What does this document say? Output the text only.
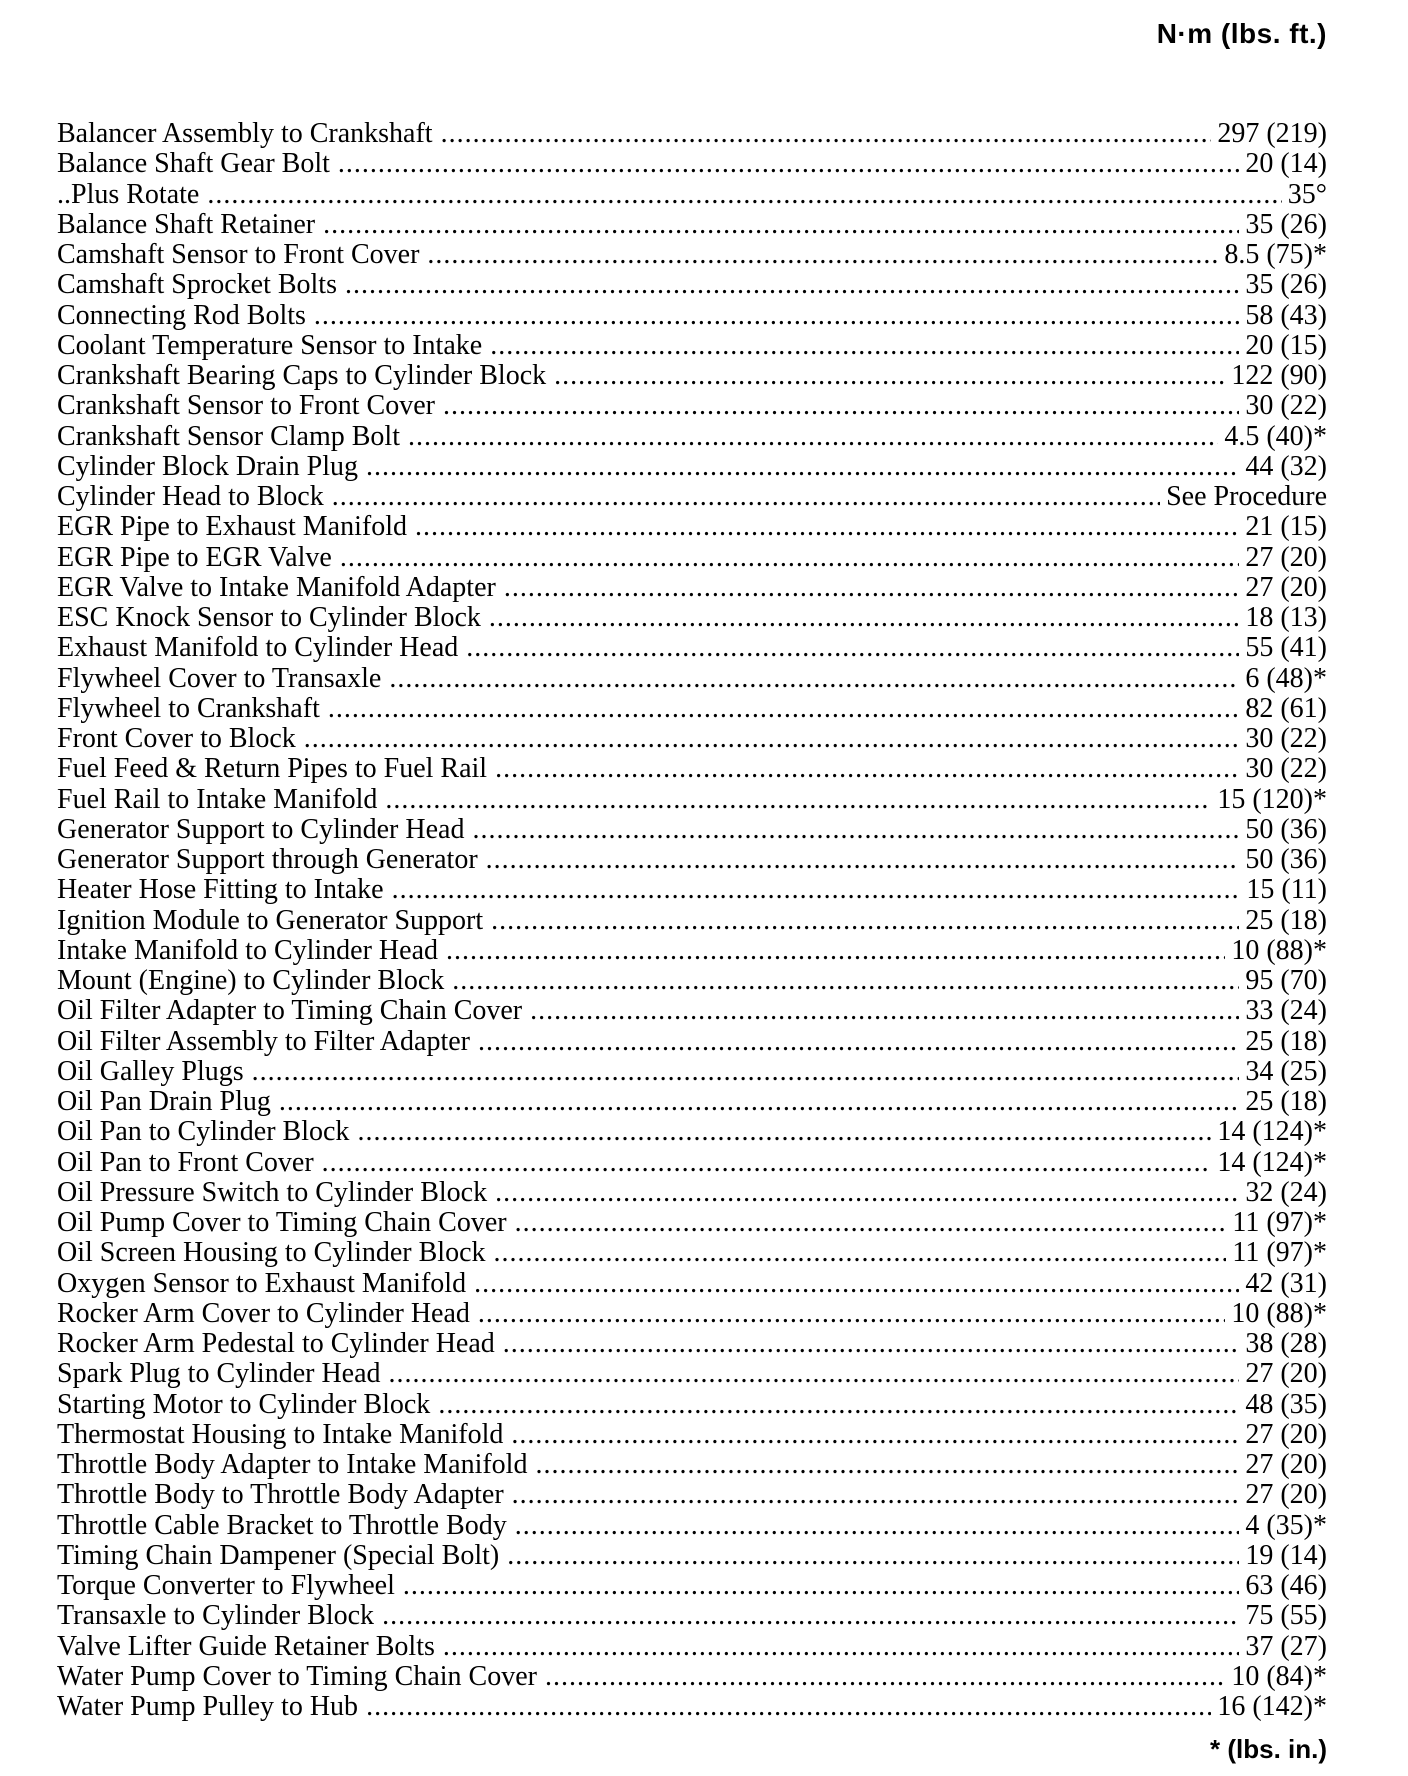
N·m (lbs. ft.)
Balancer Assembly to Crankshaft .....	297 (219)
Balance Shaft Gear Bolt .....	20 (14)
..Plus Rotate .....	35°
Balance Shaft Retainer .....	35 (26)
Camshaft Sensor to Front Cover .....	8.5 (75)*
Camshaft Sprocket Bolts .....	35 (26)
Connecting Rod Bolts .....	58 (43)
Coolant Temperature Sensor to Intake .....	20 (15)
Crankshaft Bearing Caps to Cylinder Block .....	122 (90)
Crankshaft Sensor to Front Cover .....	30 (22)
Crankshaft Sensor Clamp Bolt .....	4.5 (40)*
Cylinder Block Drain Plug .....	44 (32)
Cylinder Head to Block .....	See Procedure
EGR Pipe to Exhaust Manifold .....	21 (15)
EGR Pipe to EGR Valve .....	27 (20)
EGR Valve to Intake Manifold Adapter .....	27 (20)
ESC Knock Sensor to Cylinder Block .....	18 (13)
Exhaust Manifold to Cylinder Head .....	55 (41)
Flywheel Cover to Transaxle .....	6 (48)*
Flywheel to Crankshaft .....	82 (61)
Front Cover to Block .....	30 (22)
Fuel Feed & Return Pipes to Fuel Rail .....	30 (22)
Fuel Rail to Intake Manifold .....	15 (120)*
Generator Support to Cylinder Head .....	50 (36)
Generator Support through Generator .....	50 (36)
Heater Hose Fitting to Intake .....	15 (11)
Ignition Module to Generator Support .....	25 (18)
Intake Manifold to Cylinder Head .....	10 (88)*
Mount (Engine) to Cylinder Block .....	95 (70)
Oil Filter Adapter to Timing Chain Cover .....	33 (24)
Oil Filter Assembly to Filter Adapter .....	25 (18)
Oil Galley Plugs .....	34 (25)
Oil Pan Drain Plug .....	25 (18)
Oil Pan to Cylinder Block .....	14 (124)*
Oil Pan to Front Cover .....	14 (124)*
Oil Pressure Switch to Cylinder Block .....	32 (24)
Oil Pump Cover to Timing Chain Cover .....	11 (97)*
Oil Screen Housing to Cylinder Block .....	11 (97)*
Oxygen Sensor to Exhaust Manifold .....	42 (31)
Rocker Arm Cover to Cylinder Head .....	10 (88)*
Rocker Arm Pedestal to Cylinder Head .....	38 (28)
Spark Plug to Cylinder Head .....	27 (20)
Starting Motor to Cylinder Block .....	48 (35)
Thermostat Housing to Intake Manifold .....	27 (20)
Throttle Body Adapter to Intake Manifold .....	27 (20)
Throttle Body to Throttle Body Adapter .....	27 (20)
Throttle Cable Bracket to Throttle Body .....	4 (35)*
Timing Chain Dampener (Special Bolt) .....	19 (14)
Torque Converter to Flywheel .....	63 (46)
Transaxle to Cylinder Block .....	75 (55)
Valve Lifter Guide Retainer Bolts .....	37 (27)
Water Pump Cover to Timing Chain Cover .....	10 (84)*
Water Pump Pulley to Hub .....	16 (142)*
* (lbs. in.)
